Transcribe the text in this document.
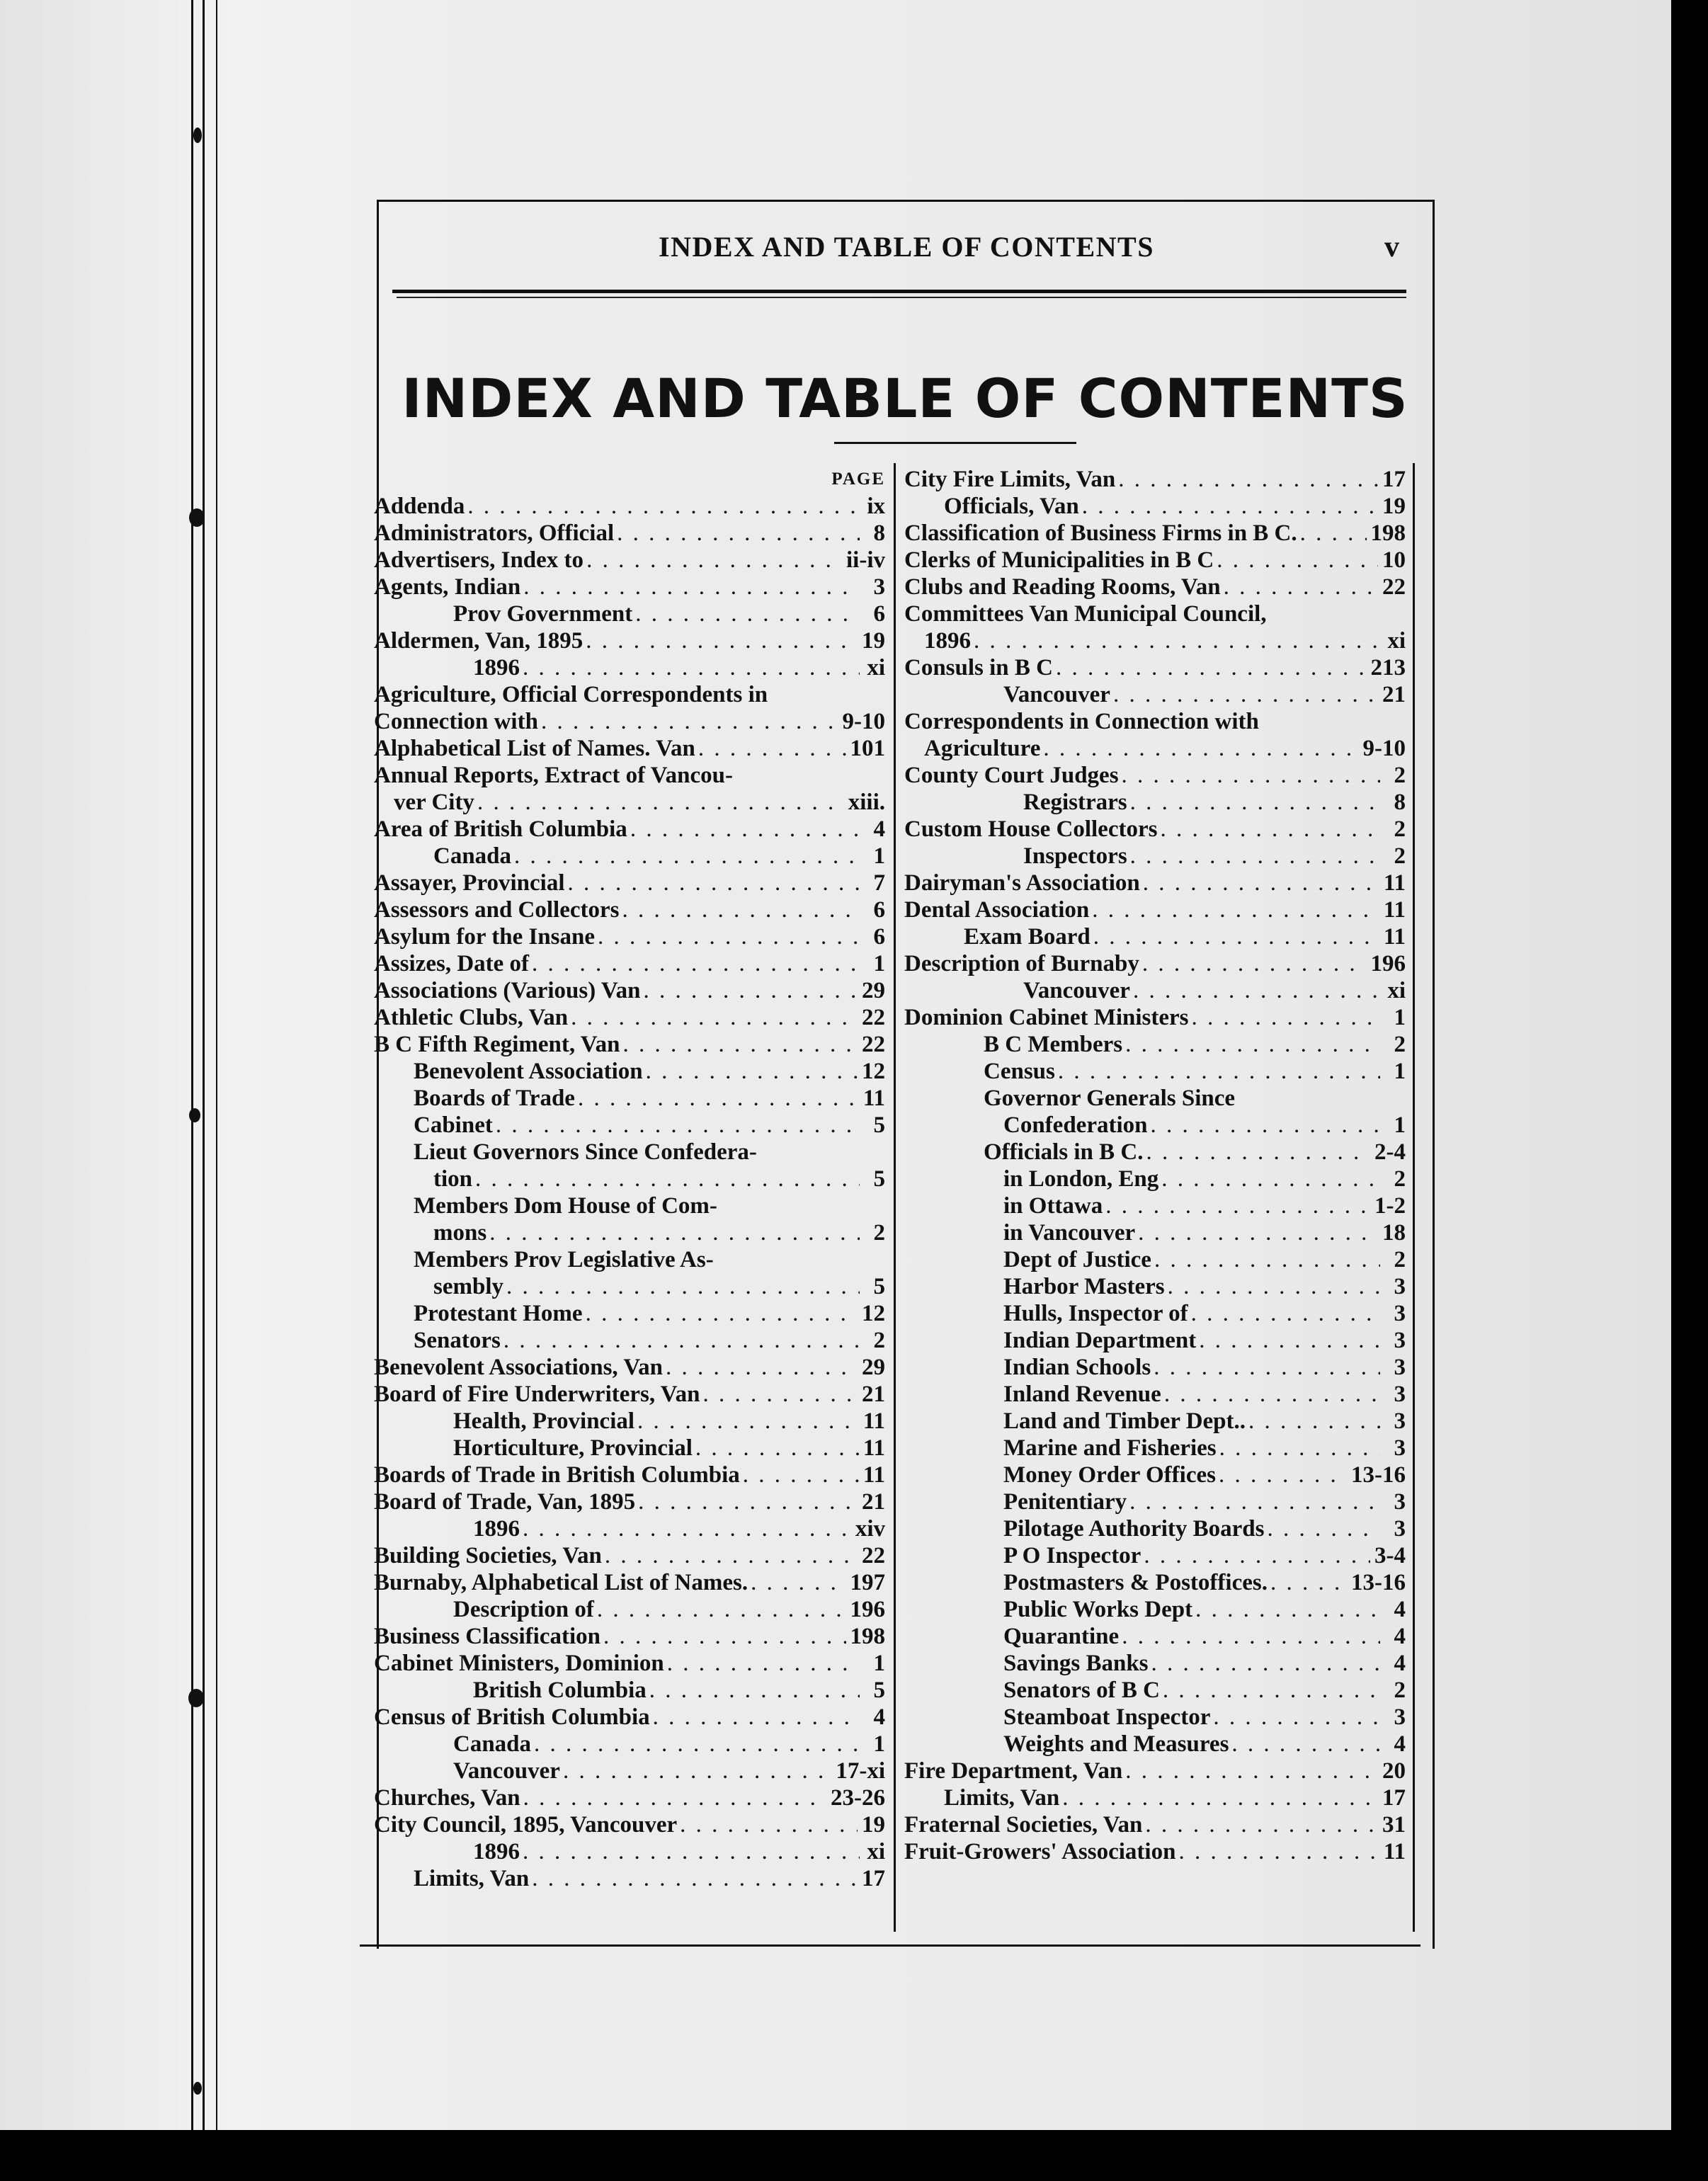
INDEX AND TABLE OF CONTENTS	v
INDEX AND TABLE OF CONTENTS
PAGE
Addenda . . .	ix
Administrators, Official . . .	8
Advertisers, Index to . . .	ii-iv
Agents, Indian . . .	3
Prov Government . . .	6
Aldermen, Van, 1895 . . .	19
1896 . . .	xi
Agriculture, Official Correspondents in
Connection with . . .	9-10
Alphabetical List of Names. Van . . .	101
Annual Reports, Extract of Vancou-
ver City . . .	xiii.
Area of British Columbia . . .	4
Canada . . .	1
Assayer, Provincial . . .	7
Assessors and Collectors . . .	6
Asylum for the Insane . . .	6
Assizes, Date of . . .	1
Associations (Various) Van . . .	29
Athletic Clubs, Van . . .	22
B C Fifth Regiment, Van . . .	22
Benevolent Association . . .	12
Boards of Trade . . .	11
Cabinet . . .	5
Lieut Governors Since Confedera-
tion . . .	5
Members Dom House of Com-
mons . . .	2
Members Prov Legislative As-
sembly . . .	5
Protestant Home . . .	12
Senators . . .	2
Benevolent Associations, Van . . .	29
Board of Fire Underwriters, Van . . .	21
Health, Provincial . . .	11
Horticulture, Provincial . . .	11
Boards of Trade in British Columbia . . .	11
Board of Trade, Van, 1895 . . .	21
1896 . . .	xiv
Building Societies, Van . . .	22
Burnaby, Alphabetical List of Names. . . .	197
Description of . . .	196
Business Classification . . .	198
Cabinet Ministers, Dominion . . .	1
British Columbia . . .	5
Census of British Columbia . . .	4
Canada . . .	1
Vancouver . . .	17-xi
Churches, Van . . .	23-26
City Council, 1895, Vancouver . . .	19
1896 . . .	xi
Limits, Van . . .	17
City Fire Limits, Van . . .	17
Officials, Van . . .	19
Classification of Business Firms in B C. . . .	198
Clerks of Municipalities in B C . . .	10
Clubs and Reading Rooms, Van . . .	22
Committees Van Municipal Council,
1896 . . .	xi
Consuls in B C . . .	213
Vancouver . . .	21
Correspondents in Connection with
Agriculture . . .	9-10
County Court Judges . . .	2
Registrars . . .	8
Custom House Collectors . . .	2
Inspectors . . .	2
Dairyman's Association . . .	11
Dental Association . . .	11
Exam Board . . .	11
Description of Burnaby . . .	196
Vancouver . . .	xi
Dominion Cabinet Ministers . . .	1
B C Members . . .	2
Census . . .	1
Governor Generals Since
Confederation . . .	1
Officials in B C. . . .	2-4
in London, Eng . . .	2
in Ottawa . . .	1-2
in Vancouver . . .	18
Dept of Justice . . .	2
Harbor Masters . . .	3
Hulls, Inspector of . . .	3
Indian Department . . .	3
Indian Schools . . .	3
Inland Revenue . . .	3
Land and Timber Dept.. . . .	3
Marine and Fisheries . . .	3
Money Order Offices . . .	13-16
Penitentiary . . .	3
Pilotage Authority Boards . . .	3
P O Inspector . . .	3-4
Postmasters & Postoffices. . . .	13-16
Public Works Dept . . .	4
Quarantine . . .	4
Savings Banks . . .	4
Senators of B C . . .	2
Steamboat Inspector . . .	3
Weights and Measures . . .	4
Fire Department, Van . . .	20
Limits, Van . . .	17
Fraternal Societies, Van . . .	31
Fruit-Growers' Association . . .	11
